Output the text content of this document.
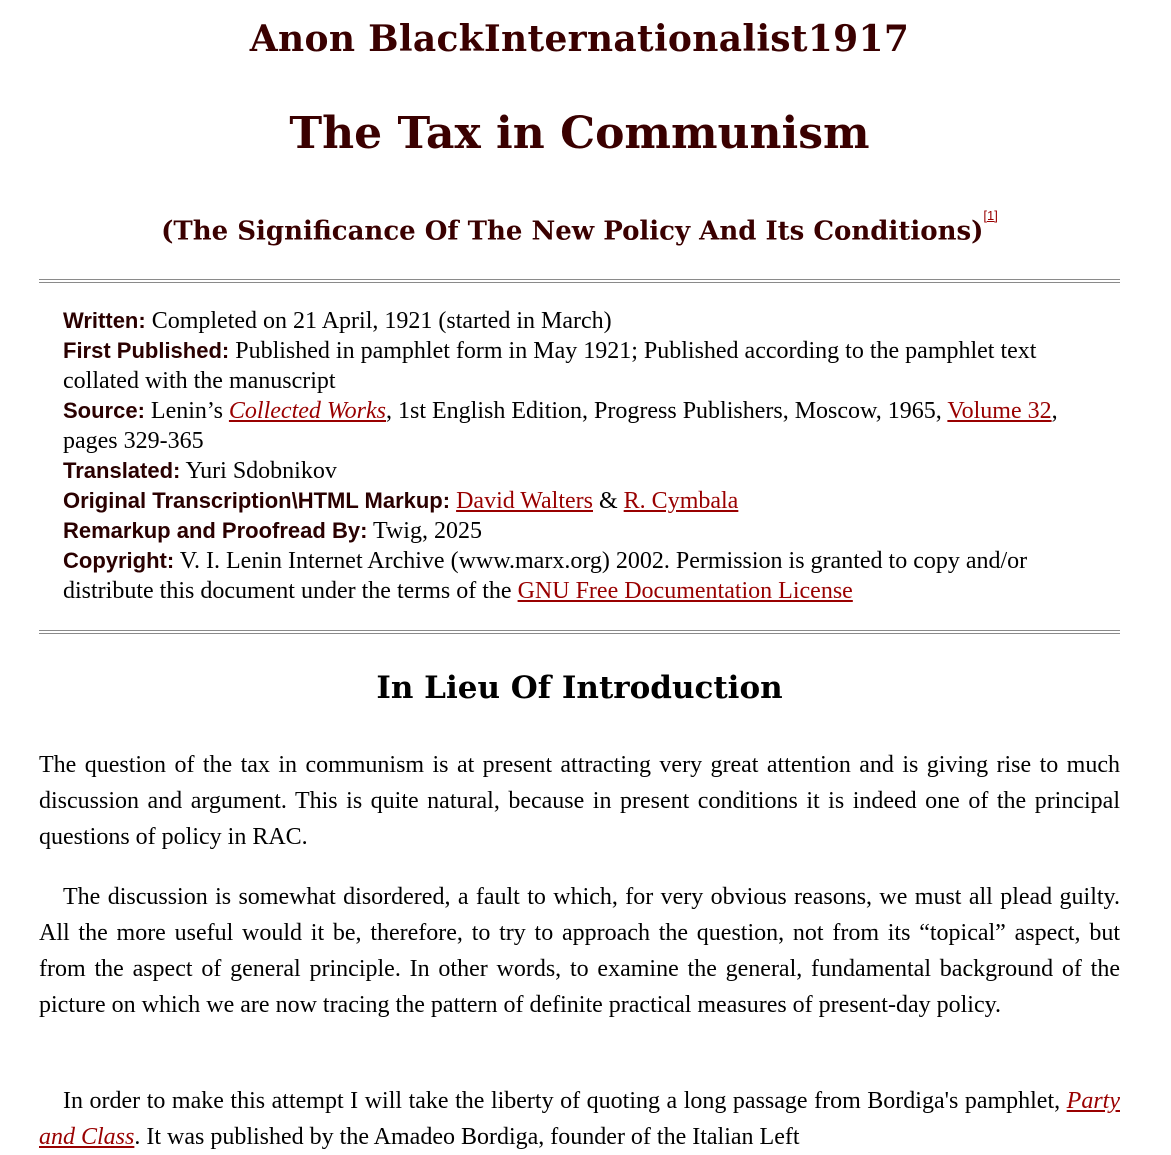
Anon BlackInternationalist1917
The Tax in Communism
(The Significance Of The New Policy And Its Conditions)[1]

Written: Completed on 21 April, 1921 (started in March)

First Published: Published in pamphlet form in May 1921; Published according to the pamphlet text collated with the manuscript

Source: Lenin’s Collected Works, 1st English Edition, Progress Publishers, Moscow, 1965, Volume 32, pages 329-365

Translated: Yuri Sdobnikov

Original Transcription\HTML Markup: David Walters & R. Cymbala

Remarkup and Proofread By: Twig, 2025

Copyright: V. I. Lenin Internet Archive (www.marx.org) 2002. Permission is granted to copy and/or distribute this document under the terms of the GNU Free Documentation License

In Lieu Of Introduction

The question of the tax in communism is at present attracting very great attention and is giving rise to much discussion and argument. This is quite natural, because in present conditions it is indeed one of the principal questions of policy in RAC.

The discussion is somewhat disordered, a fault to which, for very obvious reasons, we must all plead guilty. All the more useful would it be, therefore, to try to approach the question, not from its “topical” aspect, but from the aspect of general principle. In other words, to examine the general, fundamental background of the picture on which we are now tracing the pattern of definite practical measures of present-day policy.

In order to make this attempt I will take the liberty of quoting a long passage from Bordiga's pamphlet, Party and Class. It was published by the Amadeo Bordiga, founder of the Italian Left
